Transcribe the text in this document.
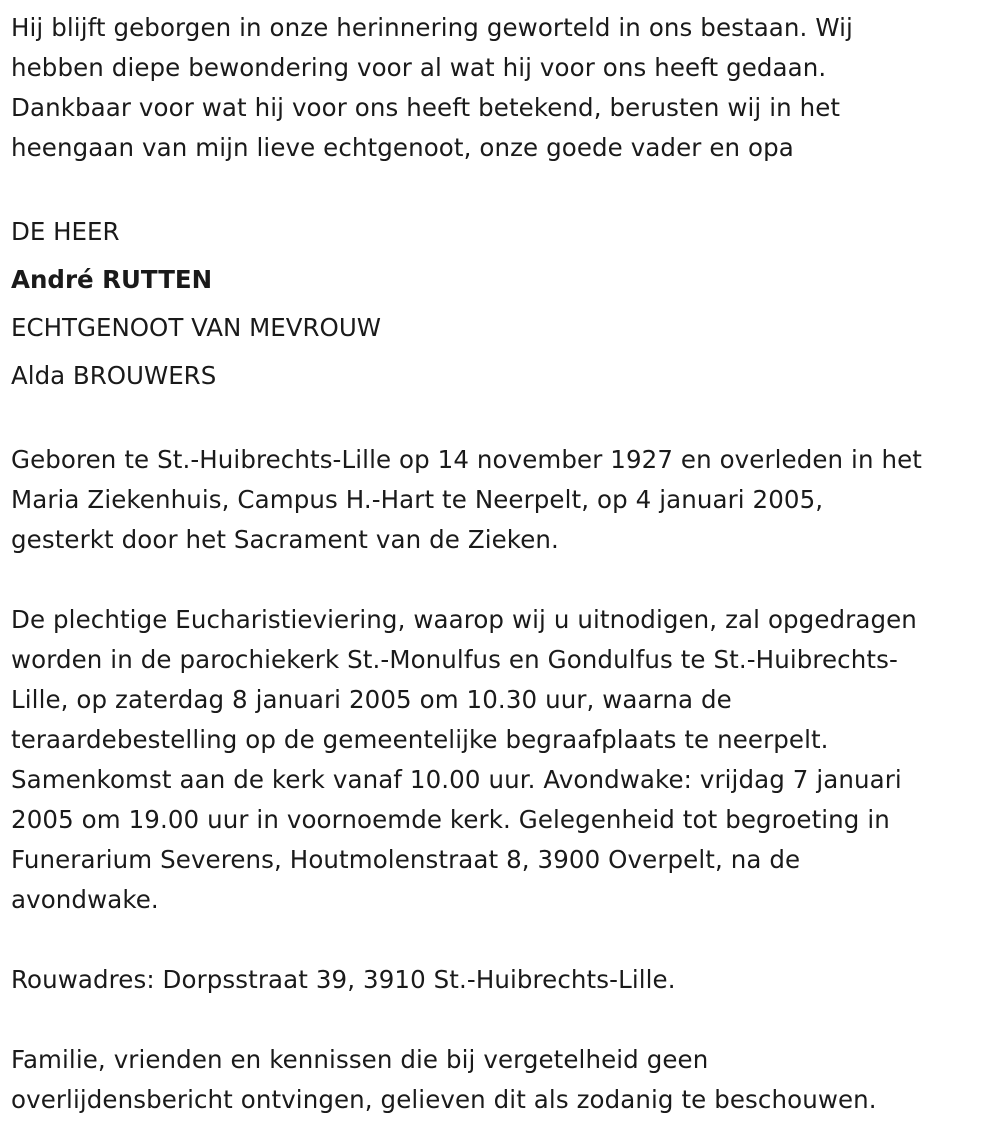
Hij blijft geborgen in onze herinnering geworteld in ons bestaan. Wij
hebben diepe bewondering voor al wat hij voor ons heeft gedaan.
Dankbaar voor wat hij voor ons heeft betekend, berusten wij in het
heengaan van mijn lieve echtgenoot, onze goede vader en opa

DE HEER

André RUTTEN

ECHTGENOOT VAN MEVROUW

Alda BROUWERS

Geboren te St.-Huibrechts-Lille op 14 november 1927 en overleden in het
Maria Ziekenhuis, Campus H.-Hart te Neerpelt, op 4 januari 2005,
gesterkt door het Sacrament van de Zieken.

De plechtige Eucharistieviering, waarop wij u uitnodigen, zal opgedragen
worden in de parochiekerk St.-Monulfus en Gondulfus te St.-Huibrechts-
Lille, op zaterdag 8 januari 2005 om 10.30 uur, waarna de
teraardebestelling op de gemeentelijke begraafplaats te neerpelt.
Samenkomst aan de kerk vanaf 10.00 uur. Avondwake: vrijdag 7 januari
2005 om 19.00 uur in voornoemde kerk. Gelegenheid tot begroeting in
Funerarium Severens, Houtmolenstraat 8, 3900 Overpelt, na de
avondwake.

Rouwadres: Dorpsstraat 39, 3910 St.-Huibrechts-Lille.

Familie, vrienden en kennissen die bij vergetelheid geen
overlijdensbericht ontvingen, gelieven dit als zodanig te beschouwen.
